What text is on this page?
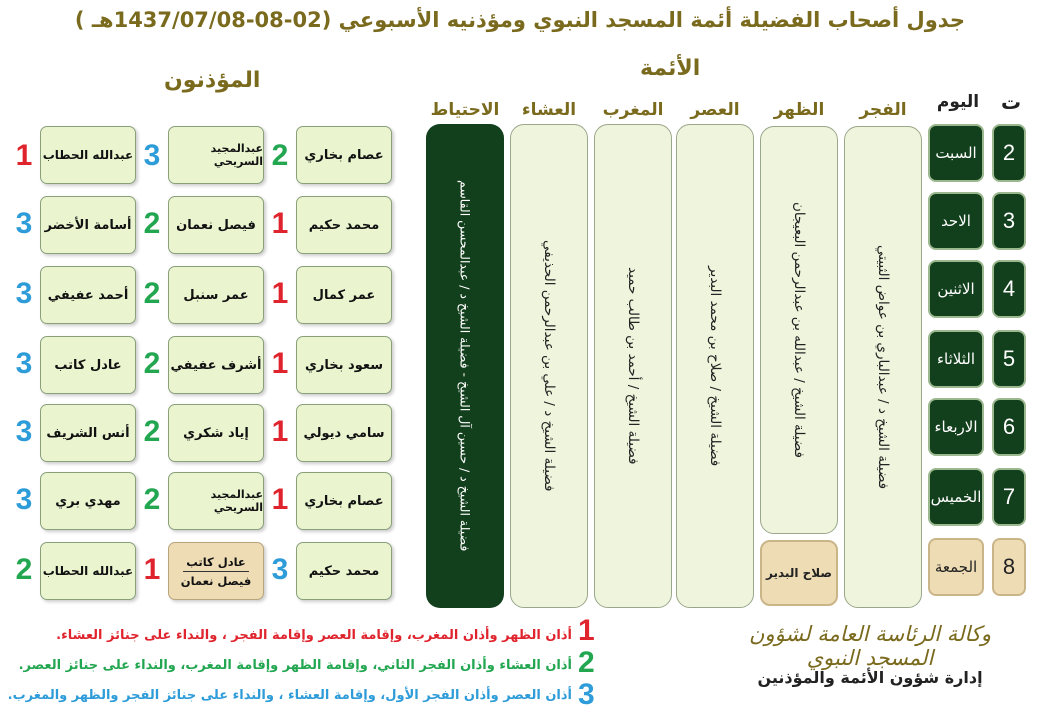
جدول أصحاب الفضيلة أئمة المسجد النبوي ومؤذنيه الأسبوعي (02-08-1437/07/08هـ )
الأئمة
المؤذنون
ت
اليوم
الفجر
الظهر
العصر
المغرب
العشاء
الاحتياط
2
3
4
5
6
7
8
السبت
الاحد
الاثنين
الثلاثاء
الاربعاء
الخميس
الجمعة
فضيلة الشيخ د / عبدالباري بن عواض الثبيتي
فضيلة الشيخ / عبدالله بن عبدالرحمن البعيجان
صلاح البدير
فضيلة الشيخ / صلاح بن محمد البدير
فضيلة الشيخ / أحمد بن طالب حميد
فضيلة الشيخ د / علي بن عبدالرحمن الحذيفي
فضيلة الشيخ د / حسين آل الشيخ - فضيلة الشيخ د / عبدالمحسن القاسم
عصام بخاري
2
عبدالمجيد السريحي
3
عبدالله الحطاب
1
محمد حكيم
1
فيصل نعمان
2
أسامة الأخضر
3
عمر كمال
1
عمر سنبل
2
أحمد عفيفي
3
سعود بخاري
1
أشرف عفيفي
2
عادل كاتب
3
سامي ديولي
1
إياد شكري
2
أنس الشريف
3
عصام بخاري
1
عبدالمجيد السريحي
2
مهدي بري
3
محمد حكيم
3
عادل كاتب
فيصل نعمان
1
عبدالله الحطاب
2
1
أذان الظهر وأذان المغرب، وإقامة العصر وإقامة الفجر ، والنداء على جنائز العشاء.
2
أذان العشاء وأذان الفجر الثاني، وإقامة الظهر وإقامة المغرب، والنداء على جنائز العصر.
3
أذان العصر وأذان الفجر الأول، وإقامة العشاء ، والنداء على جنائز الفجر والظهر والمغرب.
وكالة الرئاسة العامة لشؤون المسجد النبوي
إدارة شؤون الأئمة والمؤذنين
